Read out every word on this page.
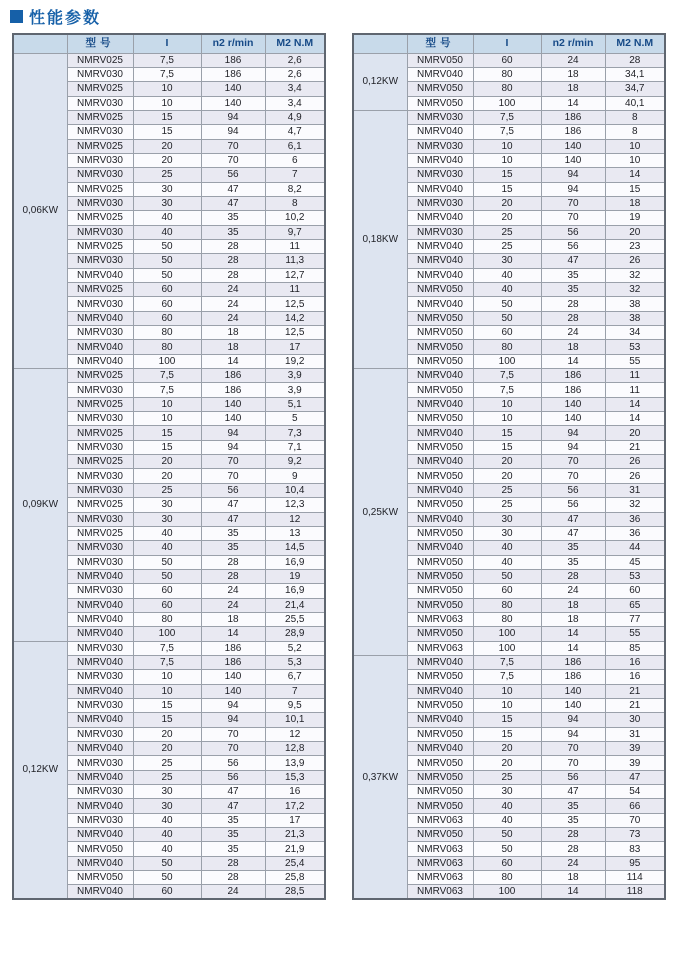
性能参数
	型号	I	n2 r/min	M2 N.M
0,06KW	NMRV025	7,5	186	2,6
	NMRV030	7,5	186	2,6
	NMRV025	10	140	3,4
	NMRV030	10	140	3,4
	NMRV025	15	94	4,9
	NMRV030	15	94	4,7
	NMRV025	20	70	6,1
	NMRV030	20	70	6
	NMRV030	25	56	7
	NMRV025	30	47	8,2
	NMRV030	30	47	8
	NMRV025	40	35	10,2
	NMRV030	40	35	9,7
	NMRV025	50	28	11
	NMRV030	50	28	11,3
	NMRV040	50	28	12,7
	NMRV025	60	24	11
	NMRV030	60	24	12,5
	NMRV040	60	24	14,2
	NMRV030	80	18	12,5
	NMRV040	80	18	17
	NMRV040	100	14	19,2
0,09KW	NMRV025	7,5	186	3,9
	NMRV030	7,5	186	3,9
	NMRV025	10	140	5,1
	NMRV030	10	140	5
	NMRV025	15	94	7,3
	NMRV030	15	94	7,1
	NMRV025	20	70	9,2
	NMRV030	20	70	9
	NMRV030	25	56	10,4
	NMRV025	30	47	12,3
	NMRV030	30	47	12
	NMRV025	40	35	13
	NMRV030	40	35	14,5
	NMRV030	50	28	16,9
	NMRV040	50	28	19
	NMRV030	60	24	16,9
	NMRV040	60	24	21,4
	NMRV040	80	18	25,5
	NMRV040	100	14	28,9
0,12KW	NMRV030	7,5	186	5,2
	NMRV040	7,5	186	5,3
	NMRV030	10	140	6,7
	NMRV040	10	140	7
	NMRV030	15	94	9,5
	NMRV040	15	94	10,1
	NMRV030	20	70	12
	NMRV040	20	70	12,8
	NMRV030	25	56	13,9
	NMRV040	25	56	15,3
	NMRV030	30	47	16
	NMRV040	30	47	17,2
	NMRV030	40	35	17
	NMRV040	40	35	21,3
	NMRV050	40	35	21,9
	NMRV040	50	28	25,4
	NMRV050	50	28	25,8
	NMRV040	60	24	28,5
	型号	I	n2 r/min	M2 N.M
0,12KW	NMRV050	60	24	28
	NMRV040	80	18	34,1
	NMRV050	80	18	34,7
	NMRV050	100	14	40,1
0,18KW	NMRV030	7,5	186	8
	NMRV040	7,5	186	8
	NMRV030	10	140	10
	NMRV040	10	140	10
	NMRV030	15	94	14
	NMRV040	15	94	15
	NMRV030	20	70	18
	NMRV040	20	70	19
	NMRV030	25	56	20
	NMRV040	25	56	23
	NMRV040	30	47	26
	NMRV040	40	35	32
	NMRV050	40	35	32
	NMRV040	50	28	38
	NMRV050	50	28	38
	NMRV050	60	24	34
	NMRV050	80	18	53
	NMRV050	100	14	55
0,25KW	NMRV040	7,5	186	11
	NMRV050	7,5	186	11
	NMRV040	10	140	14
	NMRV050	10	140	14
	NMRV040	15	94	20
	NMRV050	15	94	21
	NMRV040	20	70	26
	NMRV050	20	70	26
	NMRV040	25	56	31
	NMRV050	25	56	32
	NMRV040	30	47	36
	NMRV050	30	47	36
	NMRV040	40	35	44
	NMRV050	40	35	45
	NMRV050	50	28	53
	NMRV050	60	24	60
	NMRV050	80	18	65
	NMRV063	80	18	77
	NMRV050	100	14	55
	NMRV063	100	14	85
0,37KW	NMRV040	7,5	186	16
	NMRV050	7,5	186	16
	NMRV040	10	140	21
	NMRV050	10	140	21
	NMRV040	15	94	30
	NMRV050	15	94	31
	NMRV040	20	70	39
	NMRV050	20	70	39
	NMRV050	25	56	47
	NMRV050	30	47	54
	NMRV050	40	35	66
	NMRV063	40	35	70
	NMRV050	50	28	73
	NMRV063	50	28	83
	NMRV063	60	24	95
	NMRV063	80	18	114
	NMRV063	100	14	118
